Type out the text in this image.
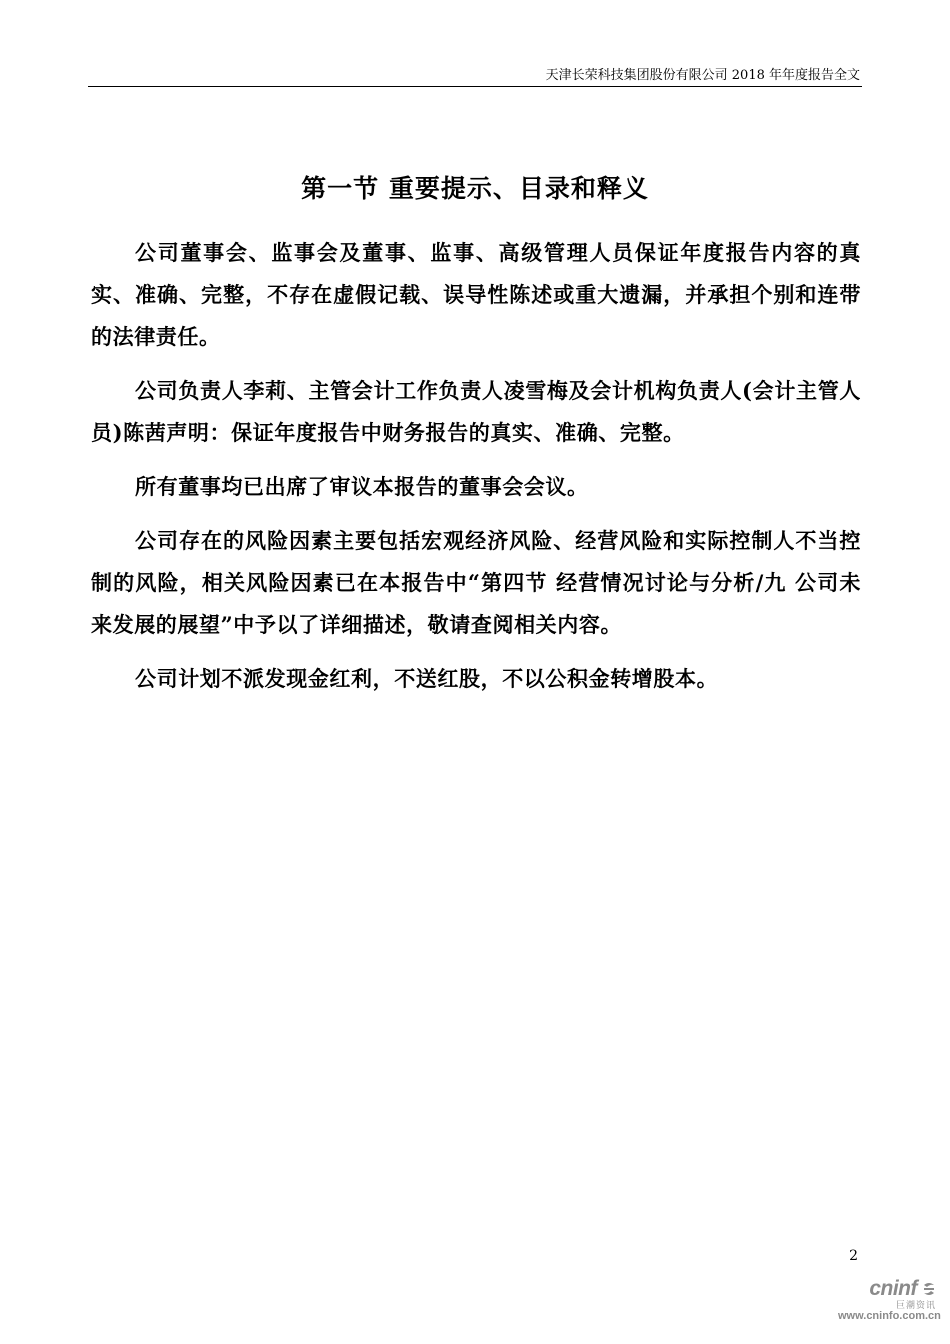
天津长荣科技集团股份有限公司 2018 年年度报告全文
第一节 重要提示、目录和释义

公司董事会、监事会及董事、监事、高级管理人员保证年度报告内容的真实、准确、完整，不存在虚假记载、误导性陈述或重大遗漏，并承担个别和连带的法律责任。

公司负责人李莉、主管会计工作负责人凌雪梅及会计机构负责人(会计主管人员)陈茜声明：保证年度报告中财务报告的真实、准确、完整。

所有董事均已出席了审议本报告的董事会会议。

公司存在的风险因素主要包括宏观经济风险、经营风险和实际控制人不当控制的风险，相关风险因素已在本报告中“第四节 经营情况讨论与分析/九 公司未来发展的展望”中予以了详细描述，敬请查阅相关内容。

公司计划不派发现金红利，不送红股，不以公积金转增股本。

2
cninf
巨潮资讯
www.cninfo.com.cn
